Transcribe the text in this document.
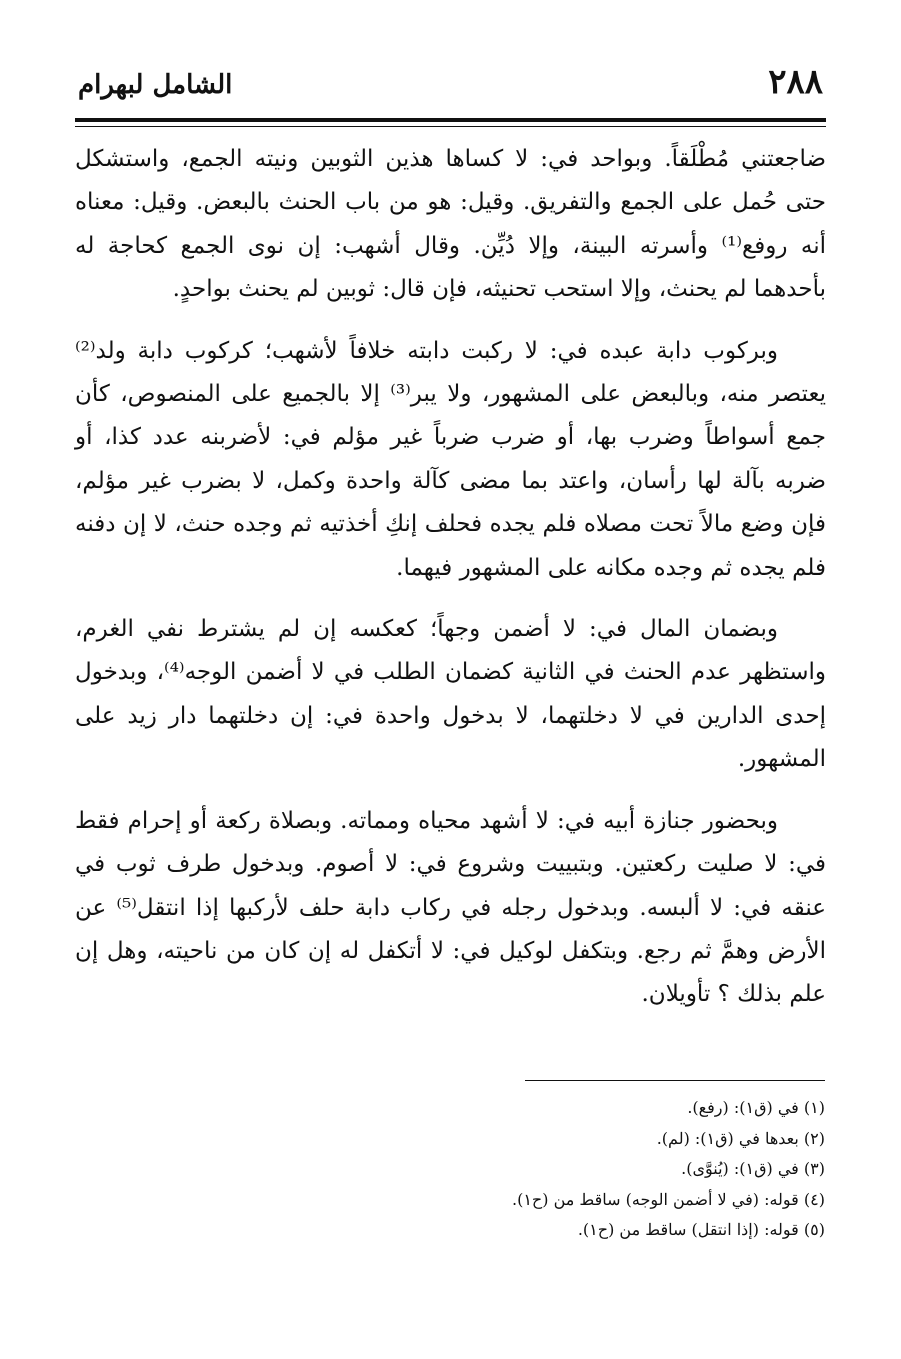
٢٨٨
الشامل لبهرام

ضاجعتني مُطْلَقاً. وبواحد في: لا كساها هذين الثوبين ونيته الجمع، واستشكل حتى حُمل على الجمع والتفريق. وقيل: هو من باب الحنث بالبعض. وقيل: معناه أنه روفع⁽¹⁾ وأسرته البينة، وإلا دُيِّن. وقال أشهب: إن نوى الجمع كحاجة له بأحدهما لم يحنث، وإلا استحب تحنيثه، فإن قال: ثوبين لم يحنث بواحدٍ.

وبركوب دابة عبده في: لا ركبت دابته خلافاً لأشهب؛ كركوب دابة ولد⁽²⁾ يعتصر منه، وبالبعض على المشهور، ولا يبر⁽³⁾ إلا بالجميع على المنصوص، كأن جمع أسواطاً وضرب بها، أو ضرب ضرباً غير مؤلم في: لأضربنه عدد كذا، أو ضربه بآلة لها رأسان، واعتد بما مضى كآلة واحدة وكمل، لا بضرب غير مؤلم، فإن وضع مالاً تحت مصلاه فلم يجده فحلف إنكِ أخذتيه ثم وجده حنث، لا إن دفنه فلم يجده ثم وجده مكانه على المشهور فيهما.

وبضمان المال في: لا أضمن وجهاً؛ كعكسه إن لم يشترط نفي الغرم، واستظهر عدم الحنث في الثانية كضمان الطلب في لا أضمن الوجه⁽⁴⁾، وبدخول إحدى الدارين في لا دخلتهما، لا بدخول واحدة في: إن دخلتهما دار زيد على المشهور.

وبحضور جنازة أبيه في: لا أشهد محياه ومماته. وبصلاة ركعة أو إحرام فقط في: لا صليت ركعتين. وبتبييت وشروع في: لا أصوم. وبدخول طرف ثوب في عنقه في: لا ألبسه. وبدخول رجله في ركاب دابة حلف لأركبها إذا انتقل⁽⁵⁾ عن الأرض وهمَّ ثم رجع. وبتكفل لوكيل في: لا أتكفل له إن كان من ناحيته، وهل إن علم بذلك ؟ تأويلان.

(١) في (ق١): (رفع).
(٢) بعدها في (ق١): (لم).
(٣) في (ق١): (يُنوَّى).
(٤) قوله: (في لا أضمن الوجه) ساقط من (ح١).
(٥) قوله: (إذا انتقل) ساقط من (ح١).
